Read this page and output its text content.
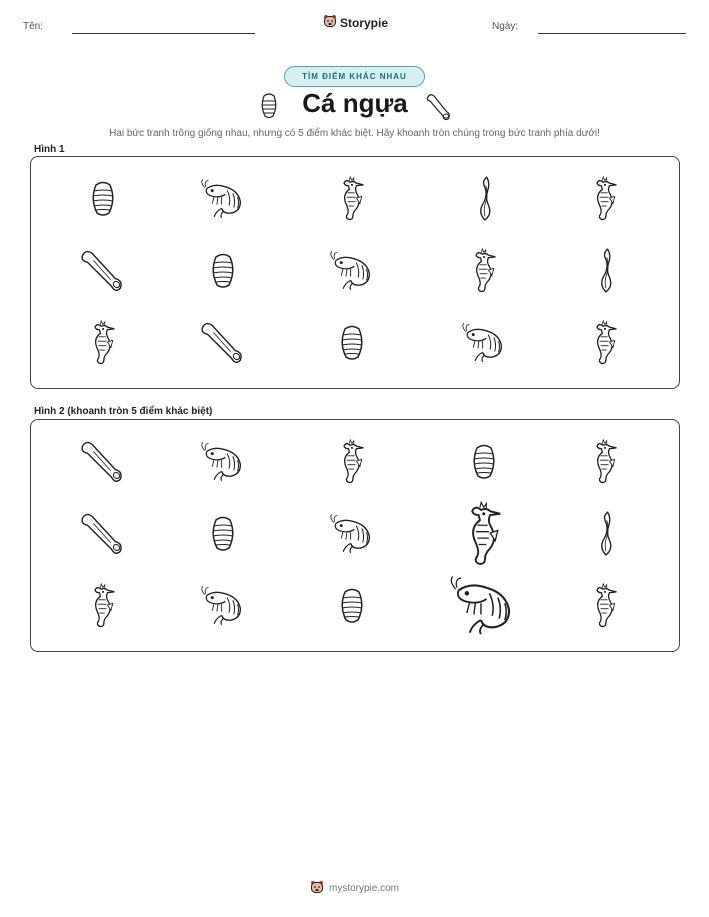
Tên:	Storypie	Ngày:
TÌM ĐIỂM KHÁC NHAU
Cá ngựa
Hai bức tranh trông giống nhau, nhưng có 5 điểm khác biệt. Hãy khoanh tròn chúng trong bức tranh phía dưới!
Hình 1
Hình 2 (khoanh tròn 5 điểm khác biệt)
mystorypie.com
